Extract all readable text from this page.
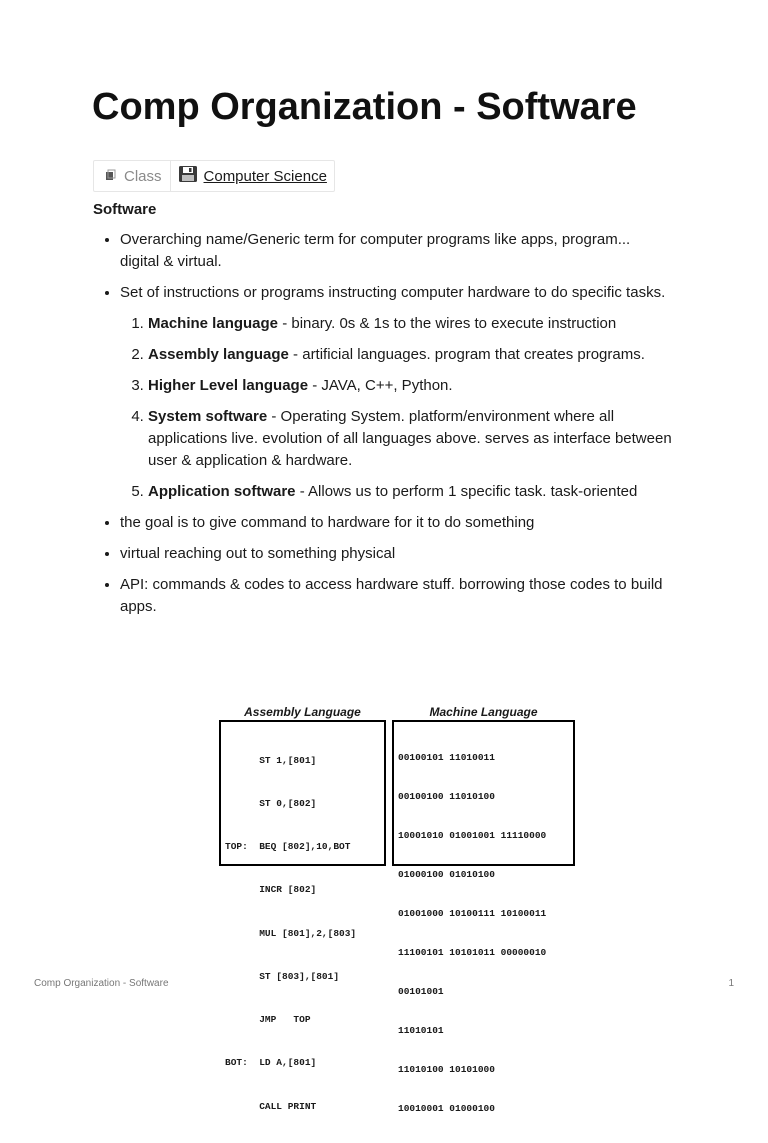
Comp Organization - Software
Class	Computer Science
Software
• Overarching name/Generic term for computer programs like apps, program... digital & virtual.
• Set of instructions or programs instructing computer hardware to do specific tasks.
1. Machine language - binary. 0s & 1s to the wires to execute instruction
2. Assembly language - artificial languages. program that creates programs.
3. Higher Level language - JAVA, C++, Python.
4. System software - Operating System. platform/environment where all applications live. evolution of all languages above. serves as interface between user & application & hardware.
5. Application software - Allows us to perform 1 specific task. task-oriented
• the goal is to give command to hardware for it to do something
• virtual reaching out to something physical
• API: commands & codes to access hardware stuff. borrowing those codes to build apps.
Assembly Language

ST 1,[801]

ST 0,[802]

TOP:  BEQ [802],10,BOT

INCR [802]

MUL [801],2,[803]

ST [803],[801]

JMP   TOP

BOT:  LD A,[801]

CALL PRINT

Machine Language

00100101 11010011

00100100 11010100

10001010 01001001 11110000

01000100 01010100

01001000 10100111 10100011

11100101 10101011 00000010

00101001

11010101

11010100 10101000

10010001 01000100

Comp Organization - Software	1
